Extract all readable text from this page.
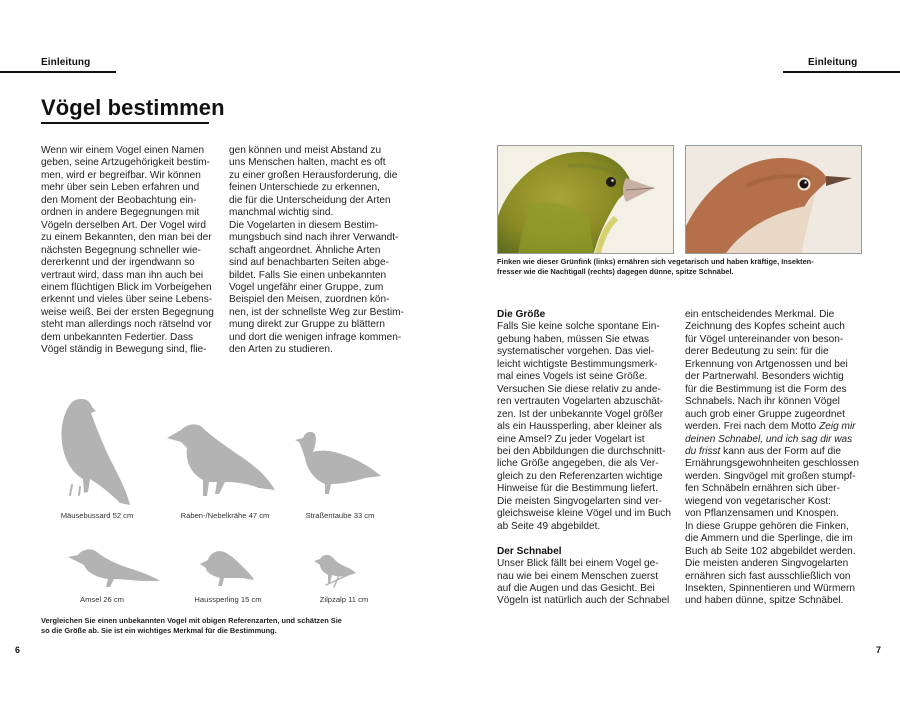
Einleitung	Einleitung
Vögel bestimmen
Wenn wir einem Vogel einen Namen
geben, seine Artzugehörigkeit bestim-
men, wird er begreifbar. Wir können
mehr über sein Leben erfahren und
den Moment der Beobachtung ein-
ordnen in andere Begegnungen mit
Vögeln derselben Art. Der Vogel wird
zu einem Bekannten, den man bei der
nächsten Begegnung schneller wie-
dererkennt und der irgendwann so
vertraut wird, dass man ihn auch bei
einem flüchtigen Blick im Vorbeigehen
erkennt und vieles über seine Lebens-
weise weiß. Bei der ersten Begegnung
steht man allerdings noch rätselnd vor
dem unbekannten Federtier. Dass
Vögel ständig in Bewegung sind, flie-
gen können und meist Abstand zu
uns Menschen halten, macht es oft
zu einer großen Herausforderung, die
feinen Unterschiede zu erkennen,
die für die Unterscheidung der Arten
manchmal wichtig sind.
Die Vogelarten in diesem Bestim-
mungsbuch sind nach ihrer Verwandt-
schaft angeordnet. Ähnliche Arten
sind auf benachbarten Seiten abge-
bildet. Falls Sie einen unbekannten
Vogel ungefähr einer Gruppe, zum
Beispiel den Meisen, zuordnen kön-
nen, ist der schnellste Weg zur Bestim-
mung direkt zur Gruppe zu blättern
und dort die wenigen infrage kommen-
den Arten zu studieren.
Mäusebussard 52 cm	Raben-/Nebelkrähe 47 cm	Straßentaube 33 cm
Amsel 26 cm	Haussperling 15 cm	Zilpzalp 11 cm
Vergleichen Sie einen unbekannten Vogel mit obigen Referenzarten, und schätzen Sie
so die Größe ab. Sie ist ein wichtiges Merkmal für die Bestimmung.
6	7
Finken wie dieser Grünfink (links) ernähren sich vegetarisch und haben kräftige, Insekten-
fresser wie die Nachtigall (rechts) dagegen dünne, spitze Schnäbel.
Die Größe
Falls Sie keine solche spontane Ein-
gebung haben, müssen Sie etwas
systematischer vorgehen. Das viel-
leicht wichtigste Bestimmungsmerk-
mal eines Vogels ist seine Größe.
Versuchen Sie diese relativ zu ande-
ren vertrauten Vogelarten abzuschät-
zen. Ist der unbekannte Vogel größer
als ein Haussperling, aber kleiner als
eine Amsel? Zu jeder Vogelart ist
bei den Abbildungen die durchschnitt-
liche Größe angegeben, die als Ver-
gleich zu den Referenzarten wichtige
Hinweise für die Bestimmung liefert.
Die meisten Singvogelarten sind ver-
gleichsweise kleine Vögel und im Buch
ab Seite 49 abgebildet.
Der Schnabel
Unser Blick fällt bei einem Vogel ge-
nau wie bei einem Menschen zuerst
auf die Augen und das Gesicht. Bei
Vögeln ist natürlich auch der Schnabel
ein entscheidendes Merkmal. Die
Zeichnung des Kopfes scheint auch
für Vögel untereinander von beson-
derer Bedeutung zu sein: für die
Erkennung von Artgenossen und bei
der Partnerwahl. Besonders wichtig
für die Bestimmung ist die Form des
Schnabels. Nach ihr können Vögel
auch grob einer Gruppe zugeordnet
werden. Frei nach dem Motto Zeig mir
deinen Schnabel, und ich sag dir was
du frisst kann aus der Form auf die
Ernährungsgewohnheiten geschlossen
werden. Singvögel mit großen stumpf-
fen Schnäbeln ernähren sich über-
wiegend von vegetarischer Kost:
von Pflanzensamen und Knospen.
In diese Gruppe gehören die Finken,
die Ammern und die Sperlinge, die im
Buch ab Seite 102 abgebildet werden.
Die meisten anderen Singvogelarten
ernähren sich fast ausschließlich von
Insekten, Spinnentieren und Würmern
und haben dünne, spitze Schnäbel.
